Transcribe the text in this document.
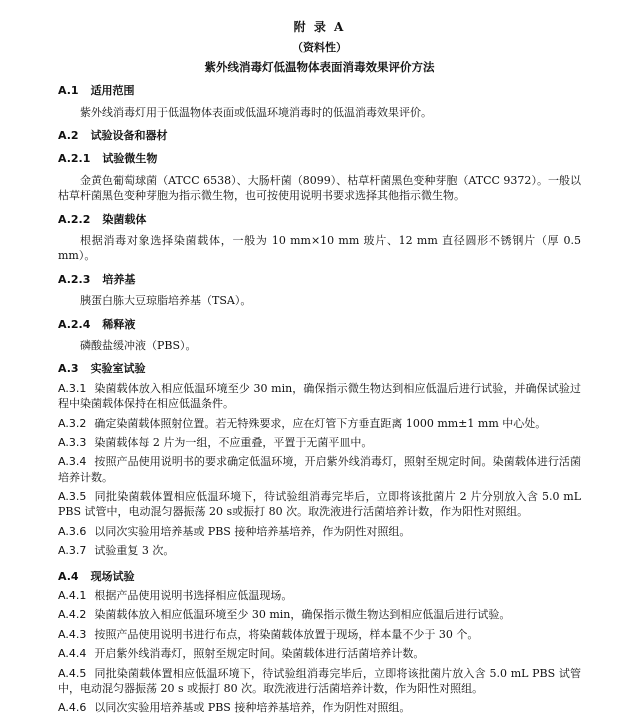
附 录 A
（资料性）
紫外线消毒灯低温物体表面消毒效果评价方法
A.1 适用范围
紫外线消毒灯用于低温物体表面或低温环境消毒时的低温消毒效果评价。
A.2 试验设备和器材
A.2.1 试验微生物
金黄色葡萄球菌（ATCC 6538）、大肠杆菌（8099）、枯草杆菌黑色变种芽胞（ATCC 9372）。一般以枯草杆菌黑色变种芽胞为指示微生物，也可按使用说明书要求选择其他指示微生物。
A.2.2 染菌载体
根据消毒对象选择染菌载体，一般为 10 mm×10 mm 玻片、12 mm 直径圆形不锈钢片（厚 0.5 mm）。
A.2.3 培养基
胰蛋白胨大豆琼脂培养基（TSA）。
A.2.4 稀释液
磷酸盐缓冲液（PBS）。
A.3 实验室试验
A.3.1 染菌载体放入相应低温环境至少 30 min，确保指示微生物达到相应低温后进行试验，并确保试验过程中染菌载体保持在相应低温条件。
A.3.2 确定染菌载体照射位置。若无特殊要求，应在灯管下方垂直距离 1000 mm±1 mm 中心处。
A.3.3 染菌载体每 2 片为一组，不应重叠，平置于无菌平皿中。
A.3.4 按照产品使用说明书的要求确定低温环境，开启紫外线消毒灯，照射至规定时间。染菌载体进行活菌培养计数。
A.3.5 同批染菌载体置相应低温环境下，待试验组消毒完毕后，立即将该批菌片 2 片分别放入含 5.0 mL PBS 试管中，电动混匀器振荡 20 s或振打 80 次。取洗液进行活菌培养计数，作为阳性对照组。
A.3.6 以同次实验用培养基或 PBS 接种培养基培养，作为阴性对照组。
A.3.7 试验重复 3 次。
A.4 现场试验
A.4.1 根据产品使用说明书选择相应低温现场。
A.4.2 染菌载体放入相应低温环境至少 30 min，确保指示微生物达到相应低温后进行试验。
A.4.3 按照产品使用说明书进行布点，将染菌载体放置于现场，样本量不少于 30 个。
A.4.4 开启紫外线消毒灯，照射至规定时间。染菌载体进行活菌培养计数。
A.4.5 同批染菌载体置相应低温环境下，待试验组消毒完毕后，立即将该批菌片放入含 5.0 mL PBS 试管中，电动混匀器振荡 20 s 或振打 80 次。取洗液进行活菌培养计数，作为阳性对照组。
A.4.6 以同次实验用培养基或 PBS 接种培养基培养，作为阴性对照组。
